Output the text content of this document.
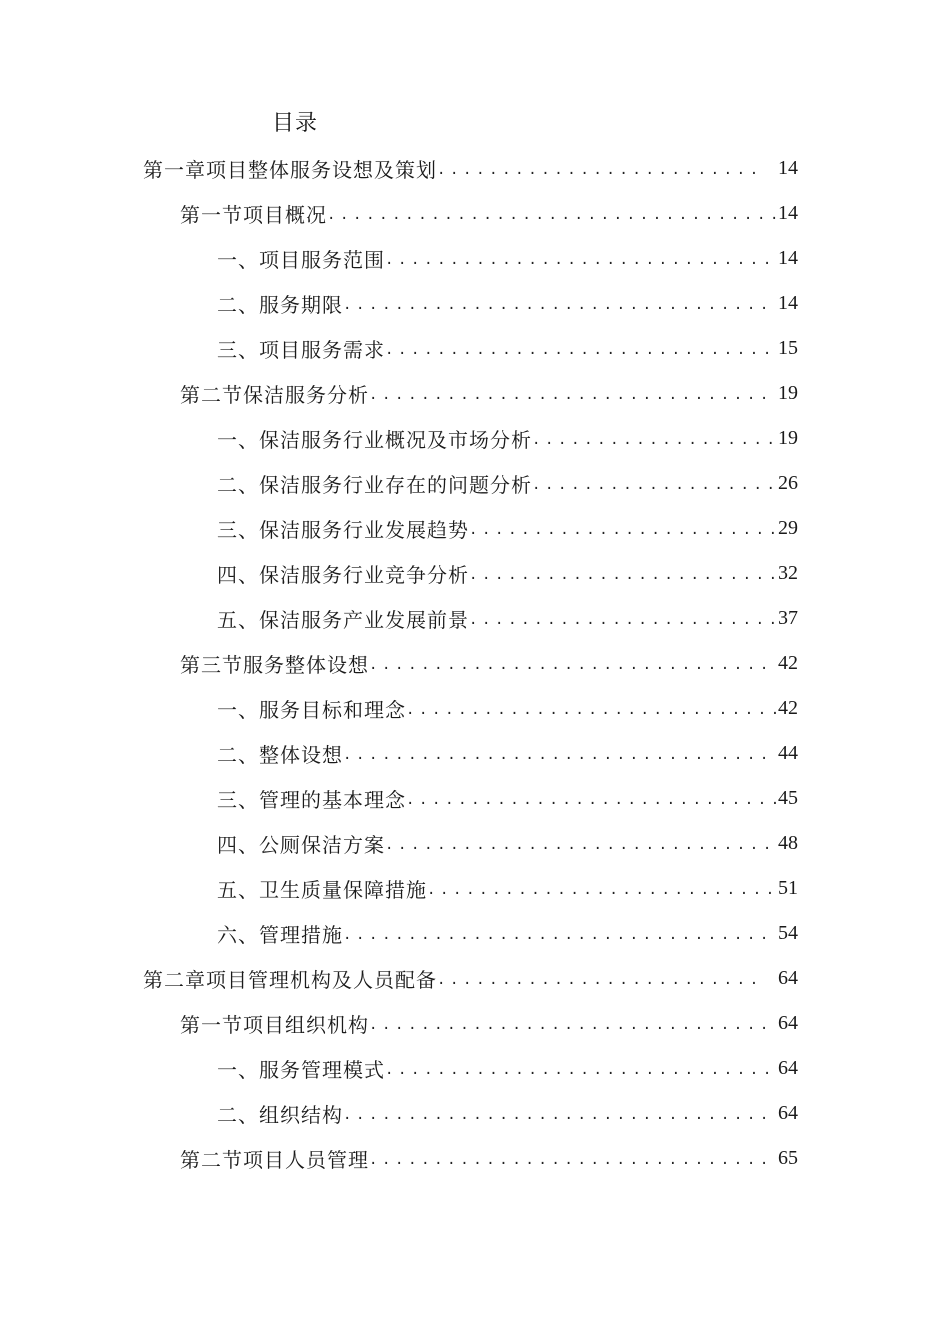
目录
第一章项目整体服务设想及策划 .....	14
第一节项目概况 .....	14
一、项目服务范围 .....	14
二、服务期限 .....	14
三、项目服务需求 .....	15
第二节保洁服务分析 .....	19
一、保洁服务行业概况及市场分析 .....	19
二、保洁服务行业存在的问题分析 .....	26
三、保洁服务行业发展趋势 .....	29
四、保洁服务行业竞争分析 .....	32
五、保洁服务产业发展前景 .....	37
第三节服务整体设想 .....	42
一、服务目标和理念 .....	42
二、整体设想 .....	44
三、管理的基本理念 .....	45
四、公厕保洁方案 .....	48
五、卫生质量保障措施 .....	51
六、管理措施 .....	54
第二章项目管理机构及人员配备 .....	64
第一节项目组织机构 .....	64
一、服务管理模式 .....	64
二、组织结构 .....	64
第二节项目人员管理 .....	65
